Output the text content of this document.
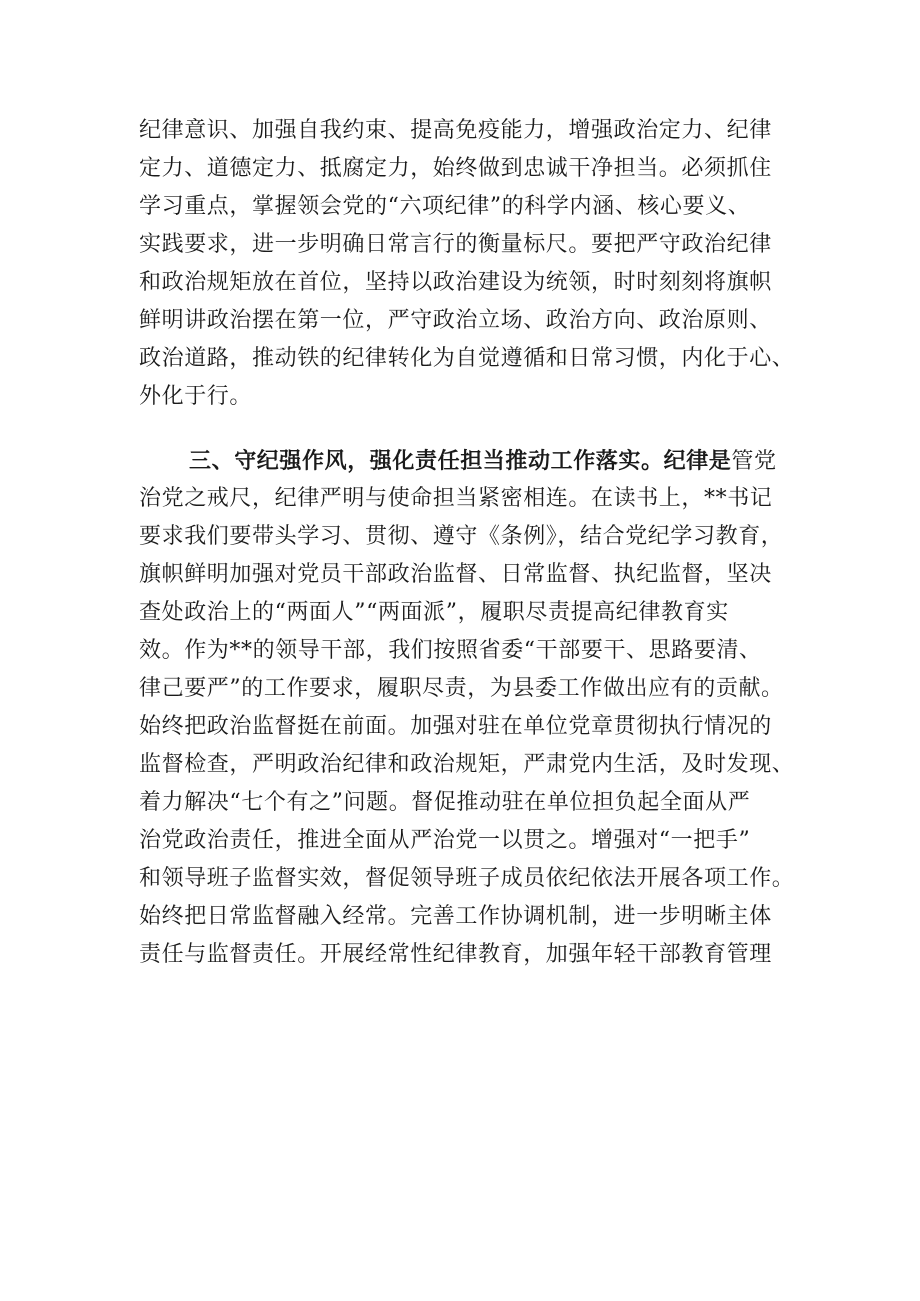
纪律意识、加强自我约束、提高免疫能力，增强政治定力、纪律
定力、道德定力、抵腐定力，始终做到忠诚干净担当。必须抓住
学习重点，掌握领会党的“六项纪律”的科学内涵、核心要义、
实践要求，进一步明确日常言行的衡量标尺。要把严守政治纪律
和政治规矩放在首位，坚持以政治建设为统领，时时刻刻将旗帜
鲜明讲政治摆在第一位，严守政治立场、政治方向、政治原则、
政治道路，推动铁的纪律转化为自觉遵循和日常习惯，内化于心、
外化于行。
三、守纪强作风，强化责任担当推动工作落实。纪律是管党
治党之戒尺，纪律严明与使命担当紧密相连。在读书上，**书记
要求我们要带头学习、贯彻、遵守《条例》，结合党纪学习教育，
旗帜鲜明加强对党员干部政治监督、日常监督、执纪监督，坚决
查处政治上的“两面人”“两面派”，履职尽责提高纪律教育实
效。作为**的领导干部，我们按照省委“干部要干、思路要清、
律己要严”的工作要求，履职尽责，为县委工作做出应有的贡献。
始终把政治监督挺在前面。加强对驻在单位党章贯彻执行情况的
监督检查，严明政治纪律和政治规矩，严肃党内生活，及时发现、
着力解决“七个有之”问题。督促推动驻在单位担负起全面从严
治党政治责任，推进全面从严治党一以贯之。增强对“一把手”
和领导班子监督实效，督促领导班子成员依纪依法开展各项工作。
始终把日常监督融入经常。完善工作协调机制，进一步明晰主体
责任与监督责任。开展经常性纪律教育，加强年轻干部教育管理
